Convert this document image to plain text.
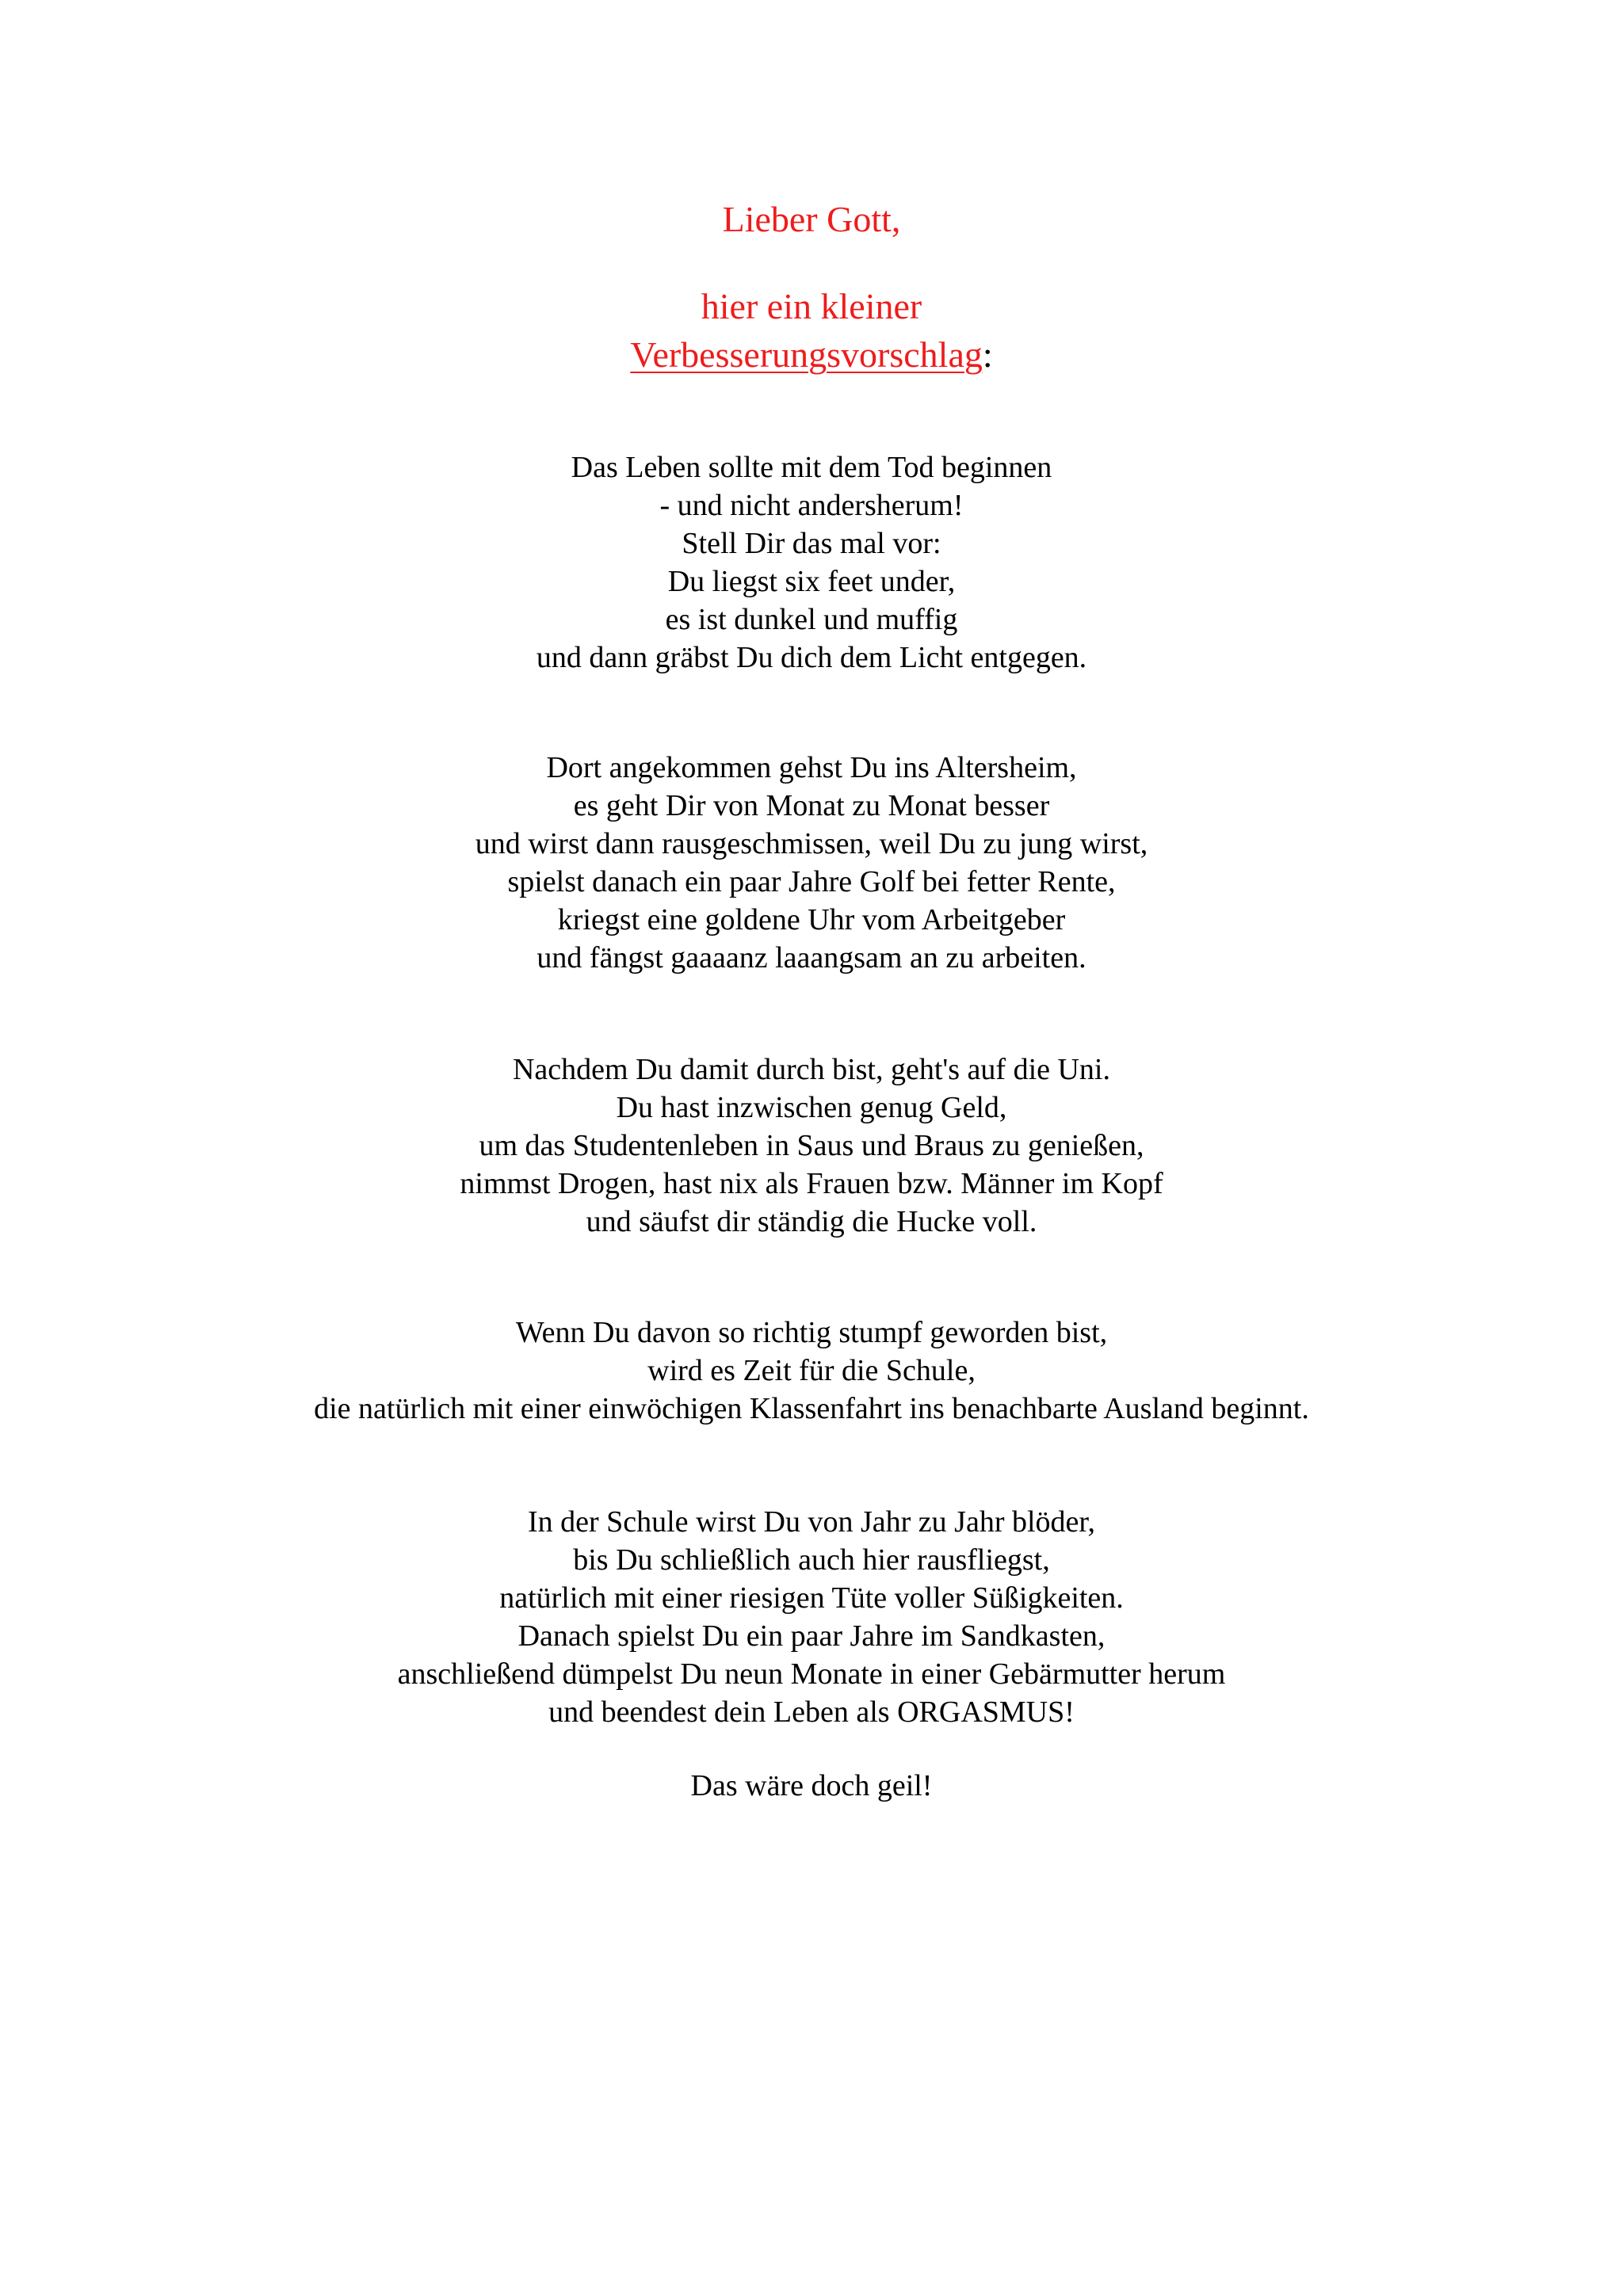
Lieber Gott,
hier ein kleiner
Verbesserungsvorschlag:
Das Leben sollte mit dem Tod beginnen
- und nicht andersherum!
Stell Dir das mal vor:
Du liegst six feet under,
es ist dunkel und muffig
und dann gräbst Du dich dem Licht entgegen.
Dort angekommen gehst Du ins Altersheim,
es geht Dir von Monat zu Monat besser
und wirst dann rausgeschmissen, weil Du zu jung wirst,
spielst danach ein paar Jahre Golf bei fetter Rente,
kriegst eine goldene Uhr vom Arbeitgeber
und fängst gaaaanz laaangsam an zu arbeiten.
Nachdem Du damit durch bist, geht's auf die Uni.
Du hast inzwischen genug Geld,
um das Studentenleben in Saus und Braus zu genießen,
nimmst Drogen, hast nix als Frauen bzw. Männer im Kopf
und säufst dir ständig die Hucke voll.
Wenn Du davon so richtig stumpf geworden bist,
wird es Zeit für die Schule,
die natürlich mit einer einwöchigen Klassenfahrt ins benachbarte Ausland beginnt.
In der Schule wirst Du von Jahr zu Jahr blöder,
bis Du schließlich auch hier rausfliegst,
natürlich mit einer riesigen Tüte voller Süßigkeiten.
Danach spielst Du ein paar Jahre im Sandkasten,
anschließend dümpelst Du neun Monate in einer Gebärmutter herum
und beendest dein Leben als ORGASMUS!
Das wäre doch geil!
